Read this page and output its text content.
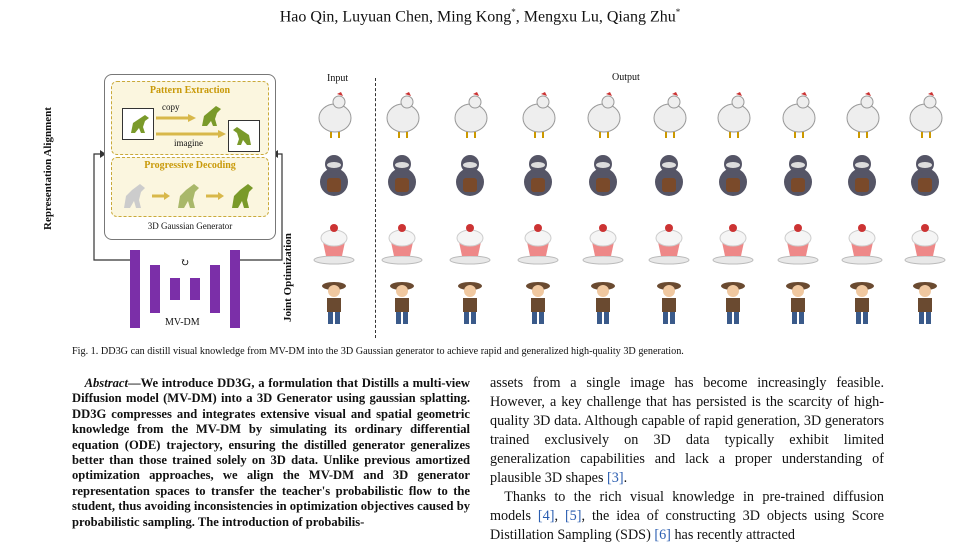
Hao Qin, Luyuan Chen, Ming Kong*, Mengxu Lu, Qiang Zhu*
Representation Alignment
Joint Optimization
Pattern Extraction
copy
imagine
Progressive Decoding
3D Gaussian Generator
↻
MV-DM
Input	Output
Fig. 1. DD3G can distill visual knowledge from MV-DM into the 3D Gaussian generator to achieve rapid and generalized high-quality 3D generation.
 Abstract—We introduce DD3G, a formulation that Distills a multi-view Diffusion model (MV-DM) into a 3D Generator using gaussian splatting. DD3G compresses and integrates extensive visual and spatial geometric knowledge from the MV-DM by simulating its ordinary differential equation (ODE) trajectory, ensuring the distilled generator generalizes better than those trained solely on 3D data. Unlike previous amortized optimization approaches, we align the MV-DM and 3D generator representation spaces to transfer the teacher's probabilistic flow to the student, thus avoiding inconsistencies in optimization objectives caused by probabilistic sampling. The introduction of probabilis-
assets from a single image has become increasingly feasible. However, a key challenge that has persisted is the scarcity of high-quality 3D data. Although capable of rapid generation, 3D generators trained exclusively on 3D data typically exhibit limited generalization capabilities and lack a proper understanding of plausible 3D shapes [3].
 Thanks to the rich visual knowledge in pre-trained diffusion models [4], [5], the idea of constructing 3D objects using Score Distillation Sampling (SDS) [6] has recently attracted
